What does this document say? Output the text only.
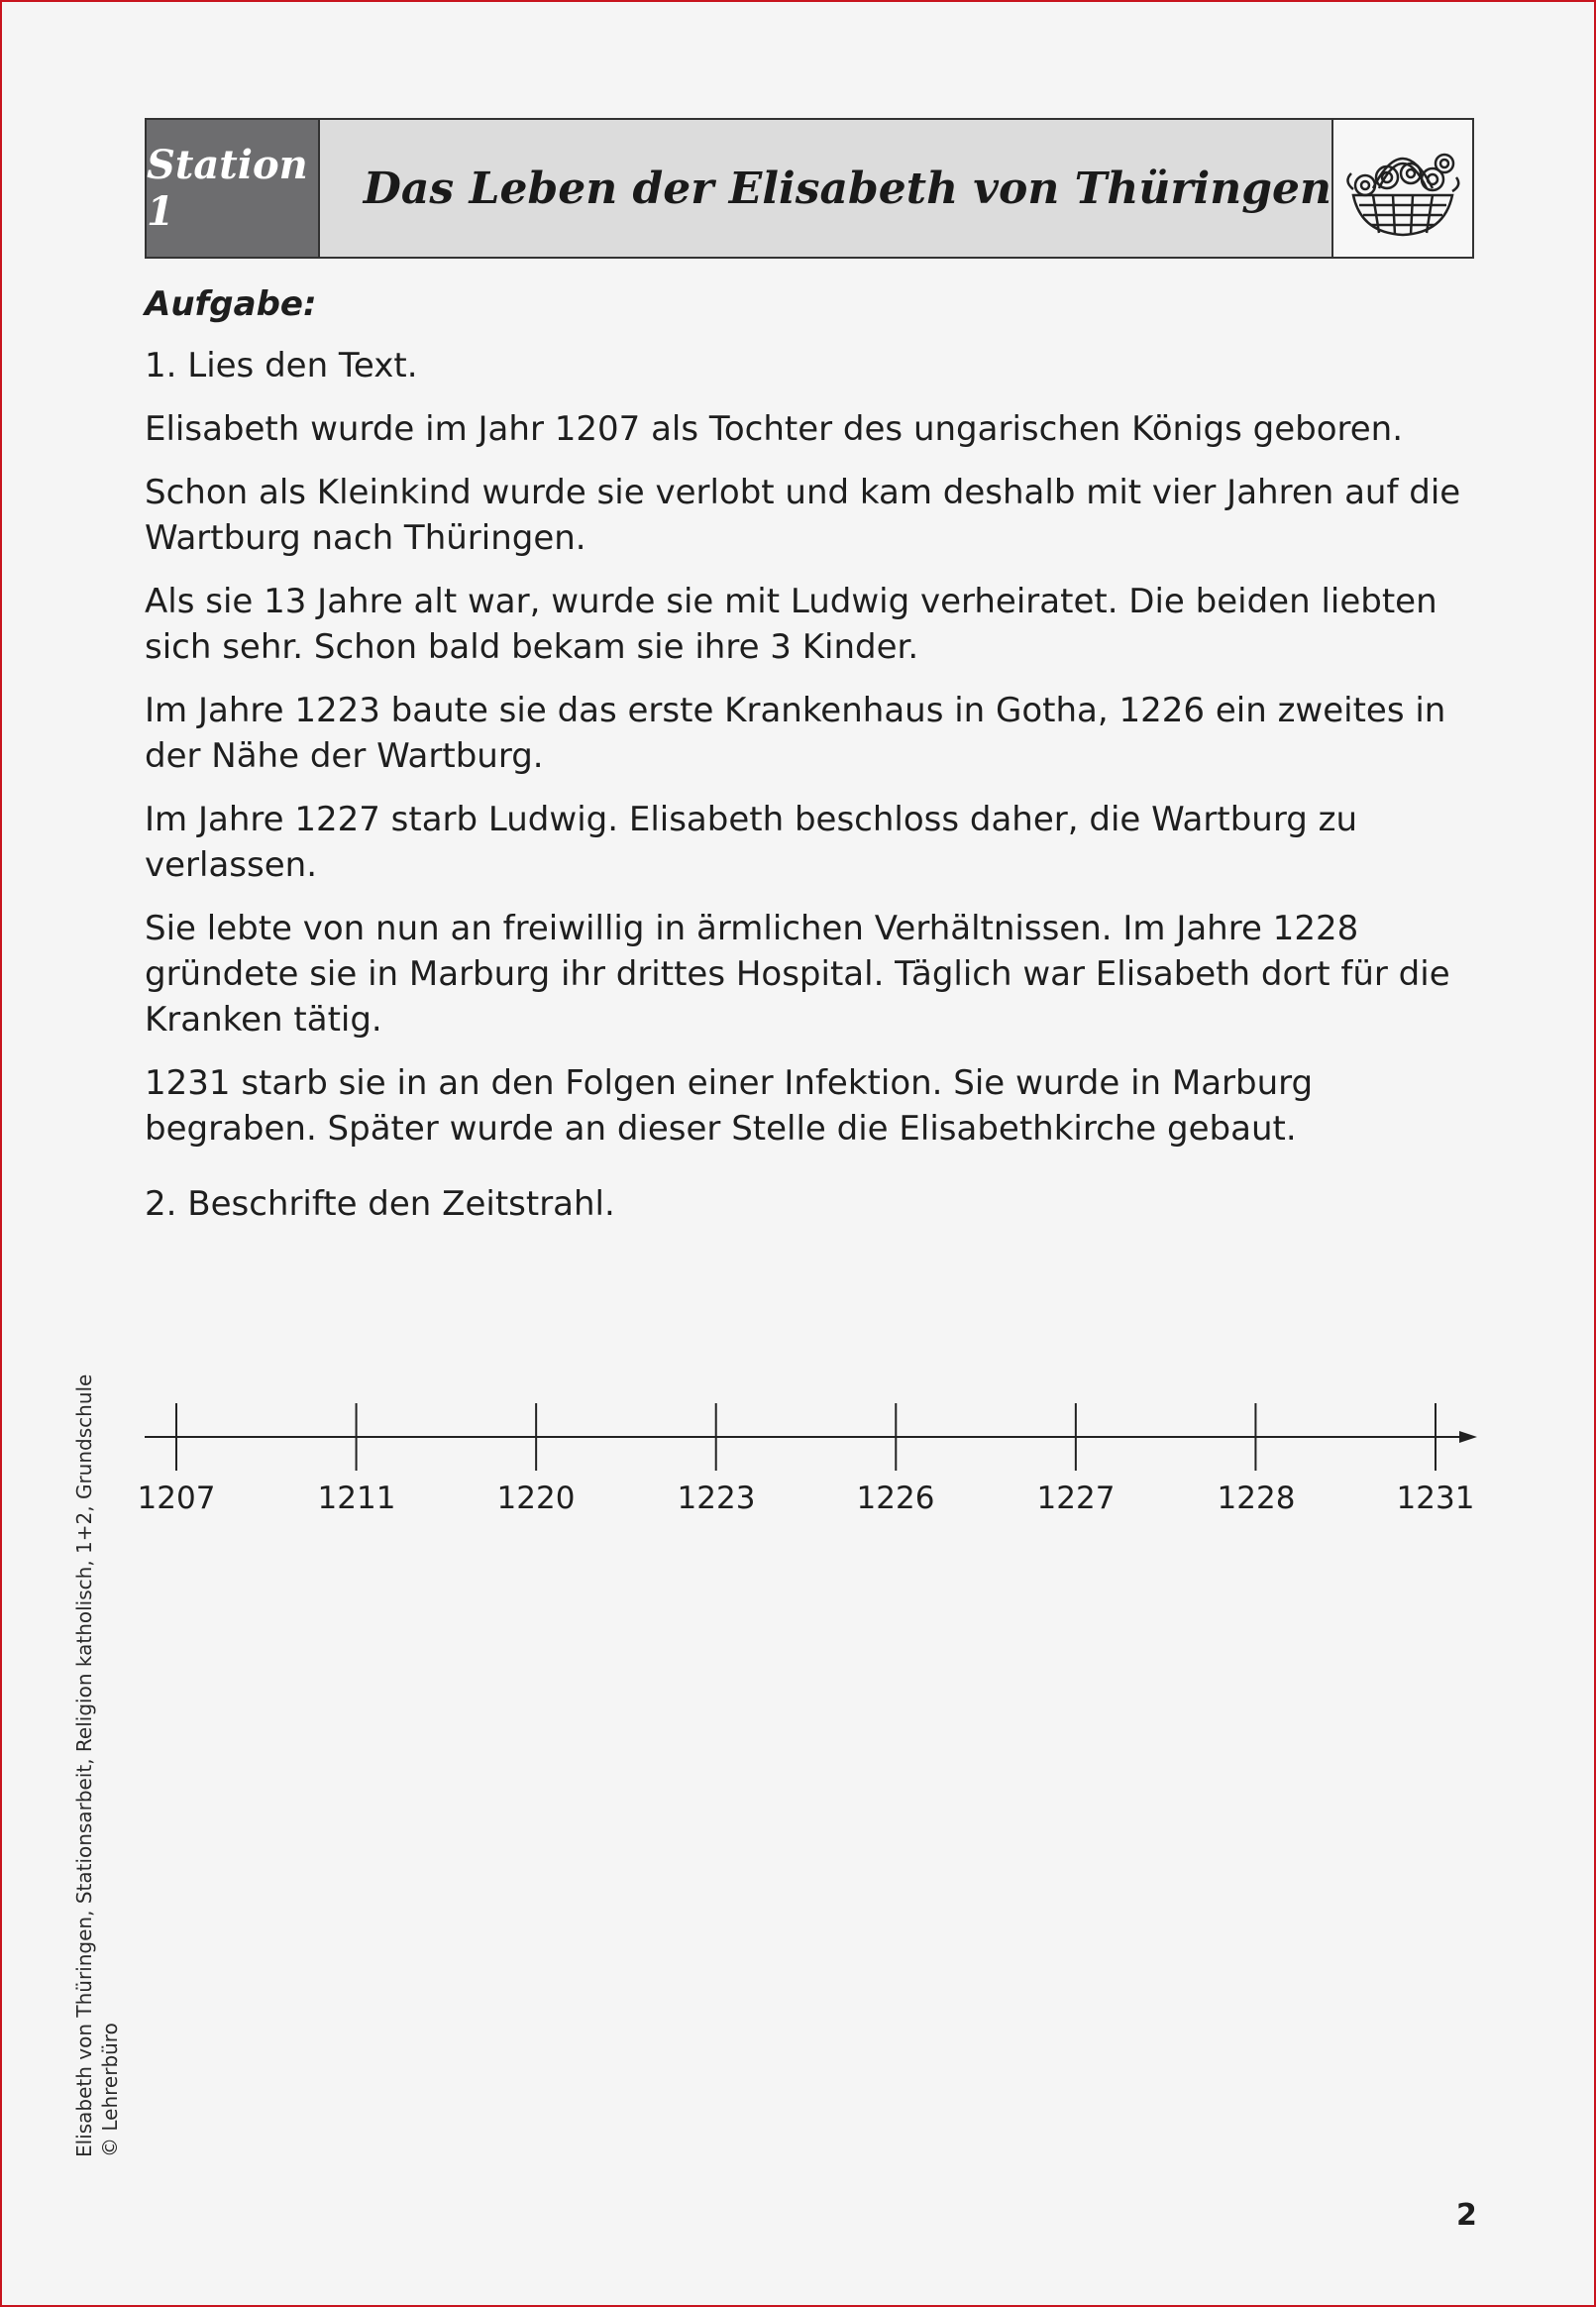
Station 1	Das Leben der Elisabeth von Thüringen
Aufgabe:
1. Lies den Text.
Elisabeth wurde im Jahr 1207 als Tochter des ungarischen Königs geboren.
Schon als Kleinkind wurde sie verlobt und kam deshalb mit vier Jahren auf die Wartburg nach Thüringen.
Als sie 13 Jahre alt war, wurde sie mit Ludwig verheiratet. Die beiden liebten sich sehr. Schon bald bekam sie ihre 3 Kinder.
Im Jahre 1223 baute sie das erste Krankenhaus in Gotha, 1226 ein zweites in der Nähe der Wartburg.
Im Jahre 1227 starb Ludwig. Elisabeth beschloss daher, die Wartburg zu verlassen.
Sie lebte von nun an freiwillig in ärmlichen Verhältnissen. Im Jahre 1228 gründete sie in Marburg ihr drittes Hospital. Täglich war Elisabeth dort für die Kranken tätig.
1231 starb sie in an den Folgen einer Infektion. Sie wurde in Marburg begraben. Später wurde an dieser Stelle die Elisabethkirche gebaut.
2. Beschrifte den Zeitstrahl.
1207	1211	1220	1223	1226	1227	1228	1231
Elisabeth von Thüringen, Stationsarbeit, Religion katholisch, 1+2, Grundschule © Lehrerbüro
2
